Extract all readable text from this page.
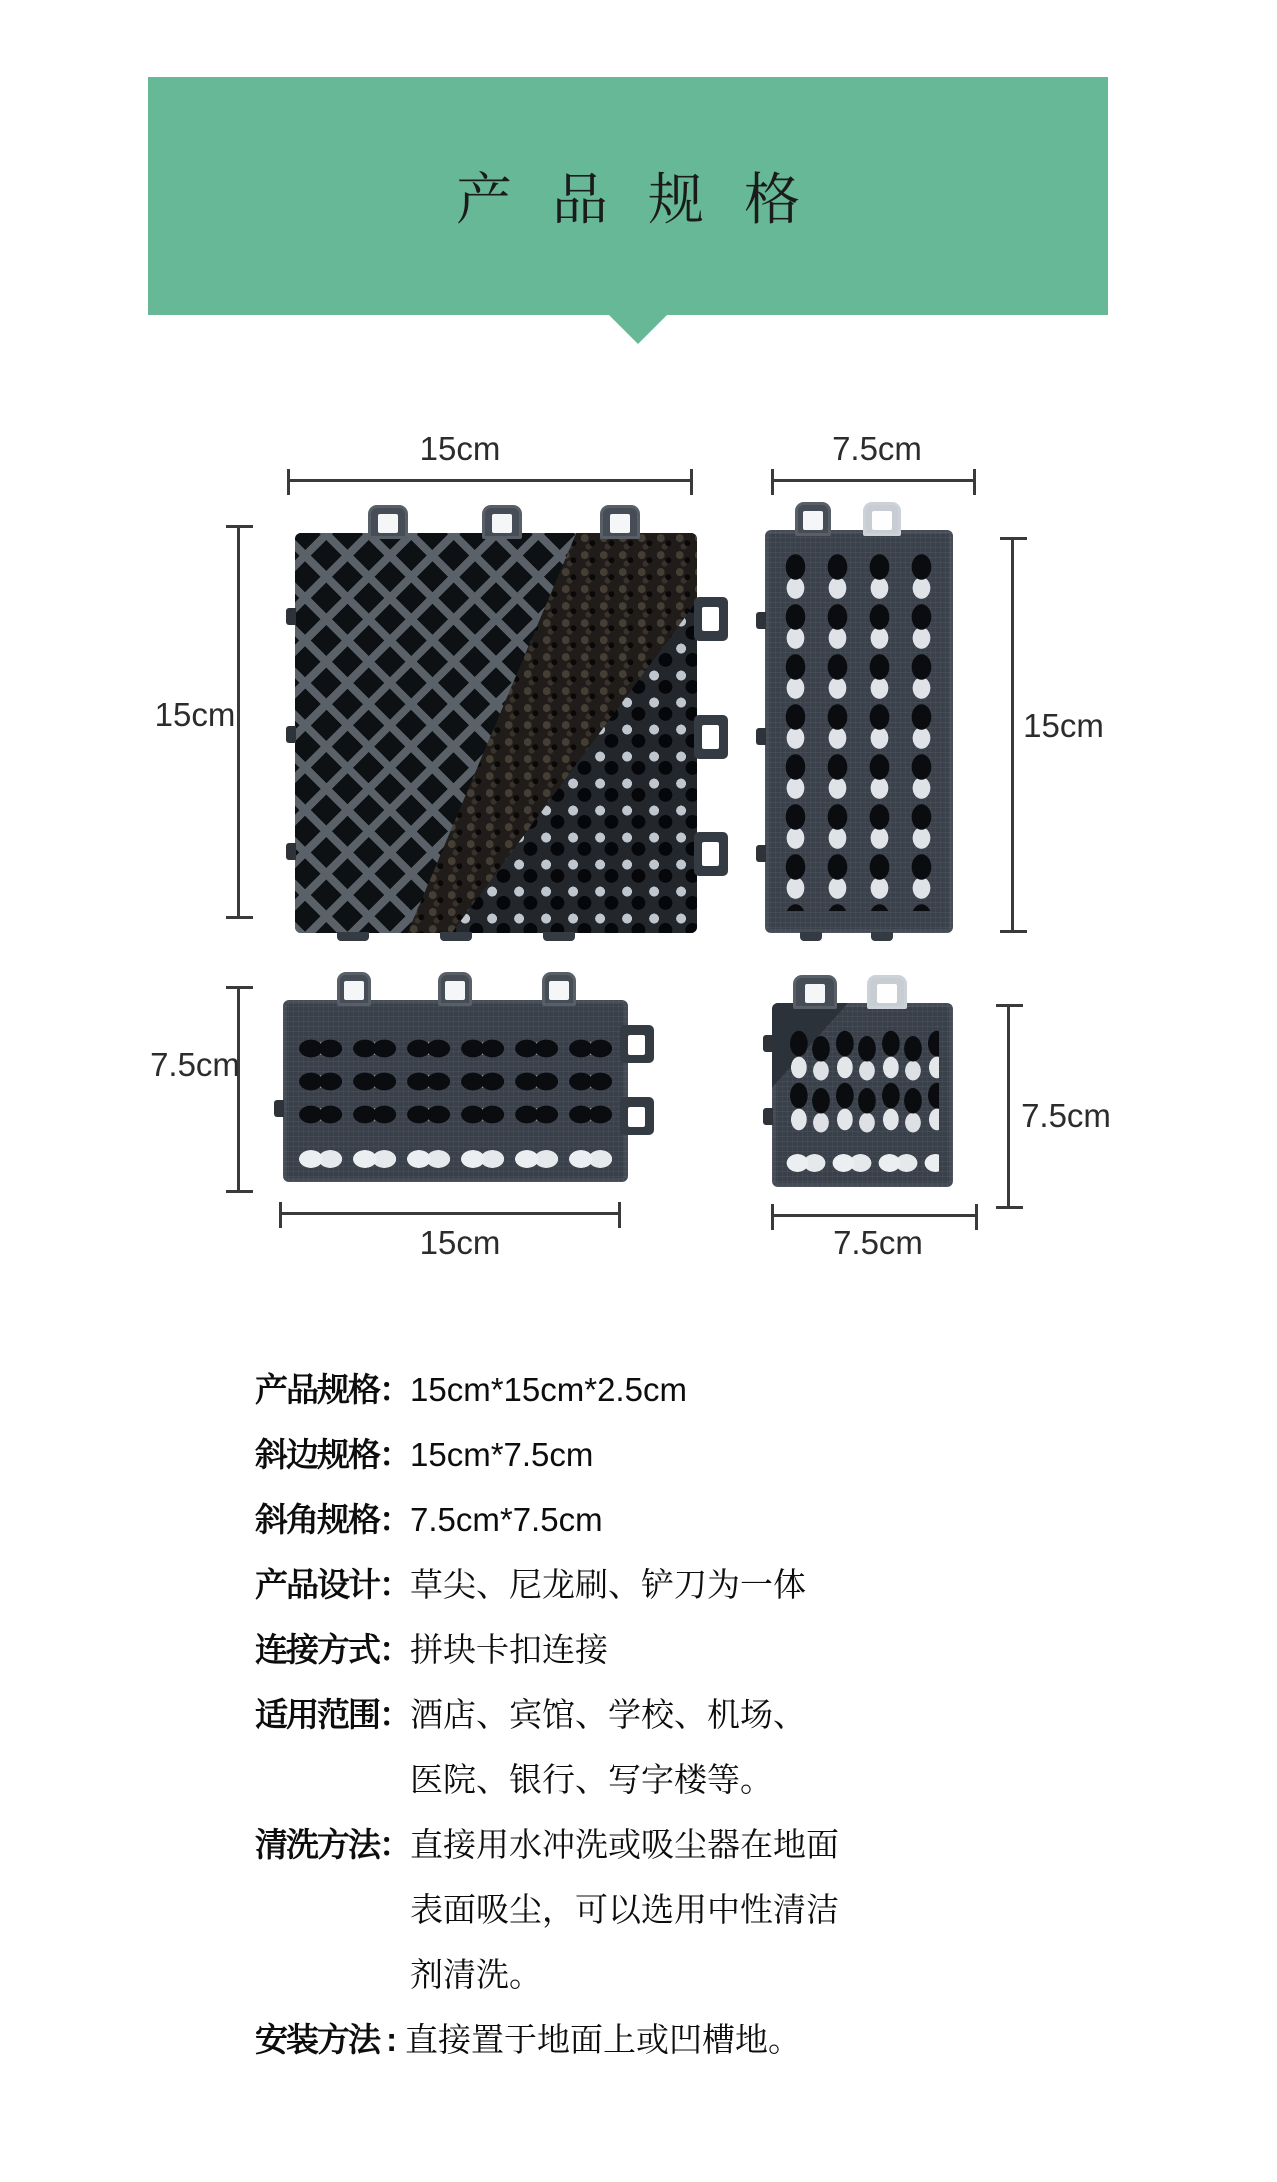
产品规格
15cm
15cm
7.5cm
15cm
7.5cm
15cm
7.5cm
7.5cm
产品规格： 15cm*15cm*2.5cm
斜边规格： 15cm*7.5cm
斜角规格： 7.5cm*7.5cm
产品设计： 草尖、尼龙刷、铲刀为一体
连接方式： 拼块卡扣连接
适用范围： 酒店、宾馆、学校、机场、
医院、银行、写字楼等。
清洗方法： 直接用水冲洗或吸尘器在地面
表面吸尘，可以选用中性清洁
剂清洗。
安装方法 : 直接置于地面上或凹槽地。
